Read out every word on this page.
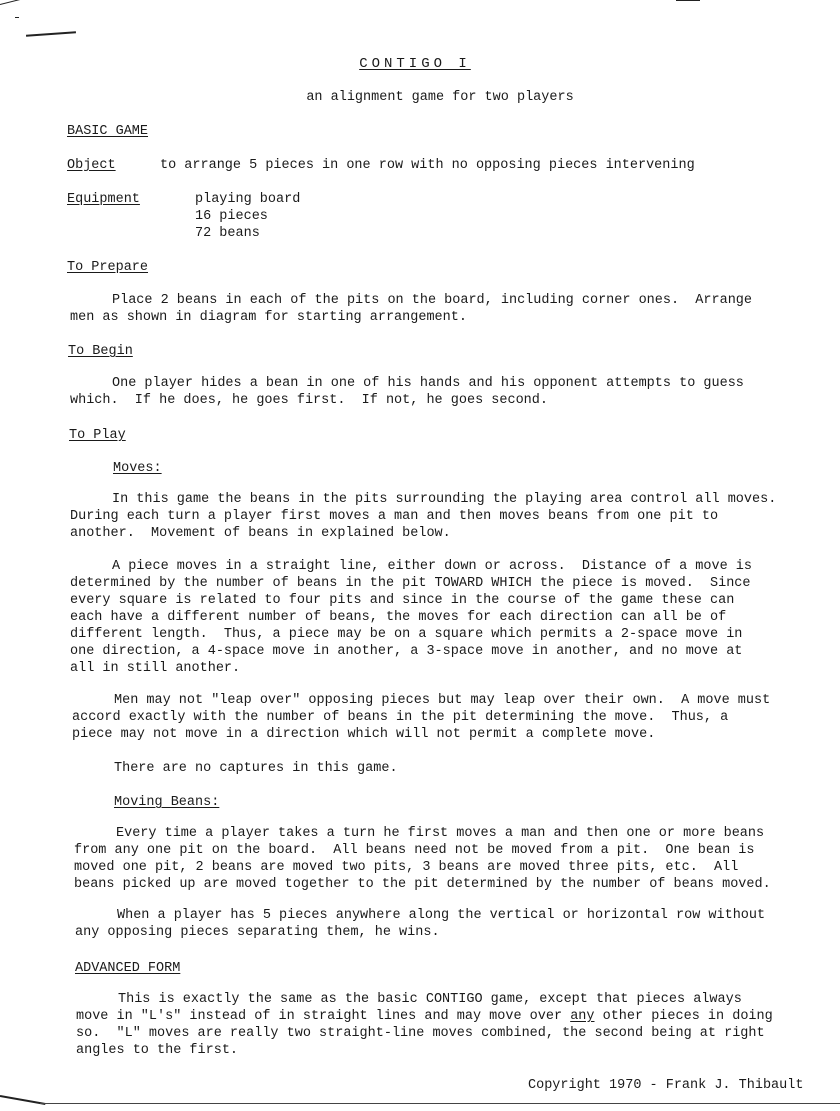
CONTIGO I
an alignment game for two players
BASIC GAME
Object	to arrange 5 pieces in one row with no opposing pieces intervening
Equipment	playing board
16 pieces
72 beans
To Prepare
Place 2 beans in each of the pits on the board, including corner ones.  Arrange
men as shown in diagram for starting arrangement.
To Begin
One player hides a bean in one of his hands and his opponent attempts to guess
which.  If he does, he goes first.  If not, he goes second.
To Play
Moves:
In this game the beans in the pits surrounding the playing area control all moves.
During each turn a player first moves a man and then moves beans from one pit to
another.  Movement of beans in explained below.
A piece moves in a straight line, either down or across.  Distance of a move is
determined by the number of beans in the pit TOWARD WHICH the piece is moved.  Since
every square is related to four pits and since in the course of the game these can
each have a different number of beans, the moves for each direction can all be of
different length.  Thus, a piece may be on a square which permits a 2-space move in
one direction, a 4-space move in another, a 3-space move in another, and no move at
all in still another.
Men may not "leap over" opposing pieces but may leap over their own.  A move must
accord exactly with the number of beans in the pit determining the move.  Thus, a
piece may not move in a direction which will not permit a complete move.
There are no captures in this game.
Moving Beans:
Every time a player takes a turn he first moves a man and then one or more beans
from any one pit on the board.  All beans need not be moved from a pit.  One bean is
moved one pit, 2 beans are moved two pits, 3 beans are moved three pits, etc.  All
beans picked up are moved together to the pit determined by the number of beans moved.
When a player has 5 pieces anywhere along the vertical or horizontal row without
any opposing pieces separating them, he wins.
ADVANCED FORM
This is exactly the same as the basic CONTIGO game, except that pieces always
move in "L's" instead of in straight lines and may move over any other pieces in doing
so.  "L" moves are really two straight-line moves combined, the second being at right
angles to the first.
Copyright 1970 - Frank J. Thibault
